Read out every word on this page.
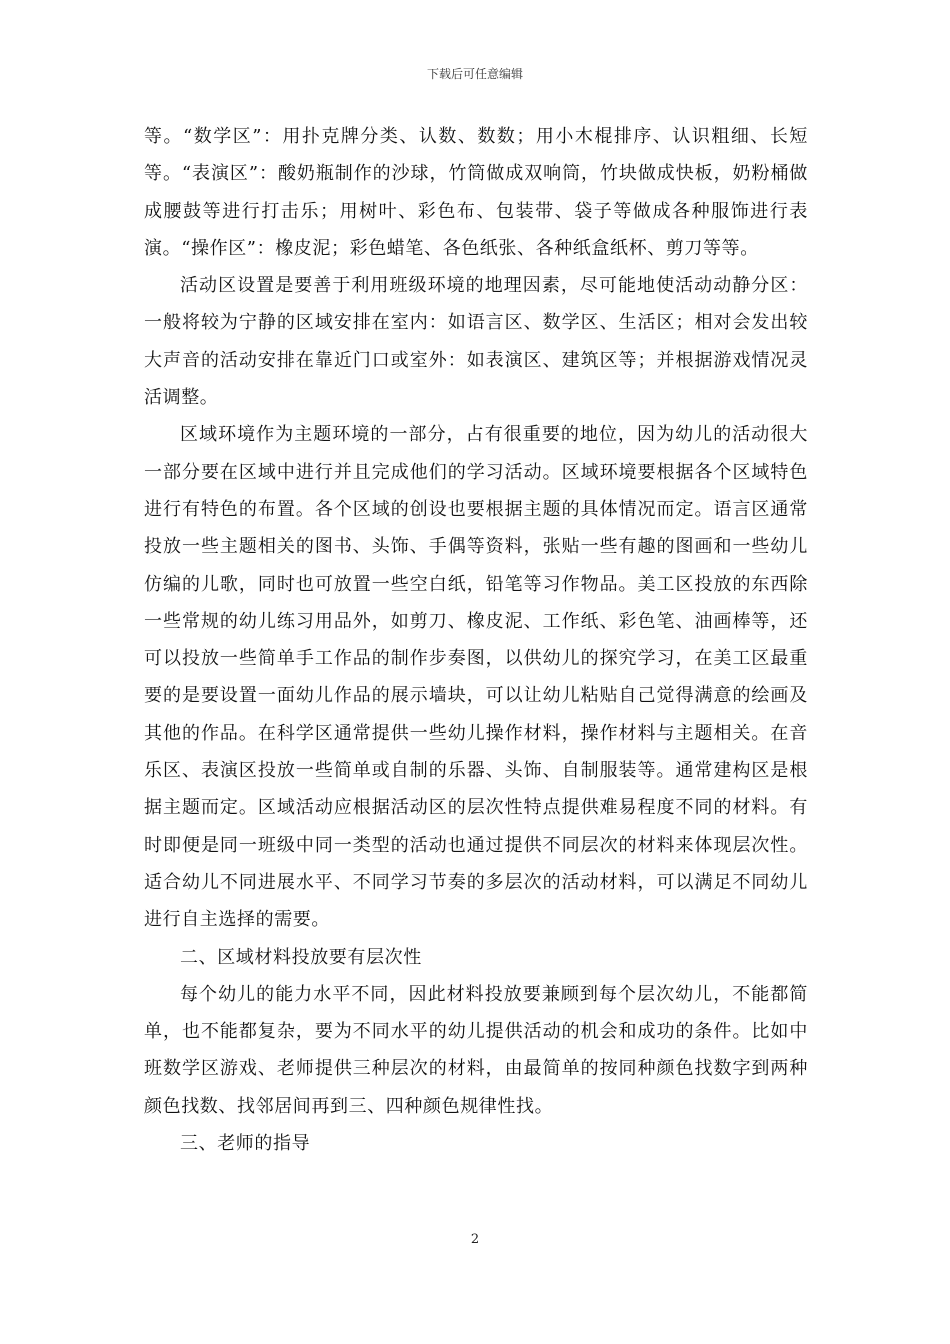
下载后可任意编辑

等。“数学区”：用扑克牌分类、认数、数数；用小木棍排序、认识粗细、长短等。“表演区”：酸奶瓶制作的沙球，竹筒做成双响筒，竹块做成快板，奶粉桶做成腰鼓等进行打击乐；用树叶、彩色布、包装带、袋子等做成各种服饰进行表演。“操作区”：橡皮泥；彩色蜡笔、各色纸张、各种纸盒纸杯、剪刀等等。

活动区设置是要善于利用班级环境的地理因素，尽可能地使活动动静分区：一般将较为宁静的区域安排在室内：如语言区、数学区、生活区；相对会发出较大声音的活动安排在靠近门口或室外：如表演区、建筑区等；并根据游戏情况灵活调整。

区域环境作为主题环境的一部分，占有很重要的地位，因为幼儿的活动很大一部分要在区域中进行并且完成他们的学习活动。区域环境要根据各个区域特色进行有特色的布置。各个区域的创设也要根据主题的具体情况而定。语言区通常投放一些主题相关的图书、头饰、手偶等资料，张贴一些有趣的图画和一些幼儿仿编的儿歌，同时也可放置一些空白纸，铅笔等习作物品。美工区投放的东西除一些常规的幼儿练习用品外，如剪刀、橡皮泥、工作纸、彩色笔、油画棒等，还可以投放一些简单手工作品的制作步奏图，以供幼儿的探究学习，在美工区最重要的是要设置一面幼儿作品的展示墙块，可以让幼儿粘贴自己觉得满意的绘画及其他的作品。在科学区通常提供一些幼儿操作材料，操作材料与主题相关。在音乐区、表演区投放一些简单或自制的乐器、头饰、自制服装等。通常建构区是根据主题而定。区域活动应根据活动区的层次性特点提供难易程度不同的材料。有时即便是同一班级中同一类型的活动也通过提供不同层次的材料来体现层次性。适合幼儿不同进展水平、不同学习节奏的多层次的活动材料，可以满足不同幼儿进行自主选择的需要。

二、区域材料投放要有层次性

每个幼儿的能力水平不同，因此材料投放要兼顾到每个层次幼儿，不能都简单，也不能都复杂，要为不同水平的幼儿提供活动的机会和成功的条件。比如中班数学区游戏、老师提供三种层次的材料，由最简单的按同种颜色找数字到两种颜色找数、找邻居间再到三、四种颜色规律性找。

三、老师的指导

2
